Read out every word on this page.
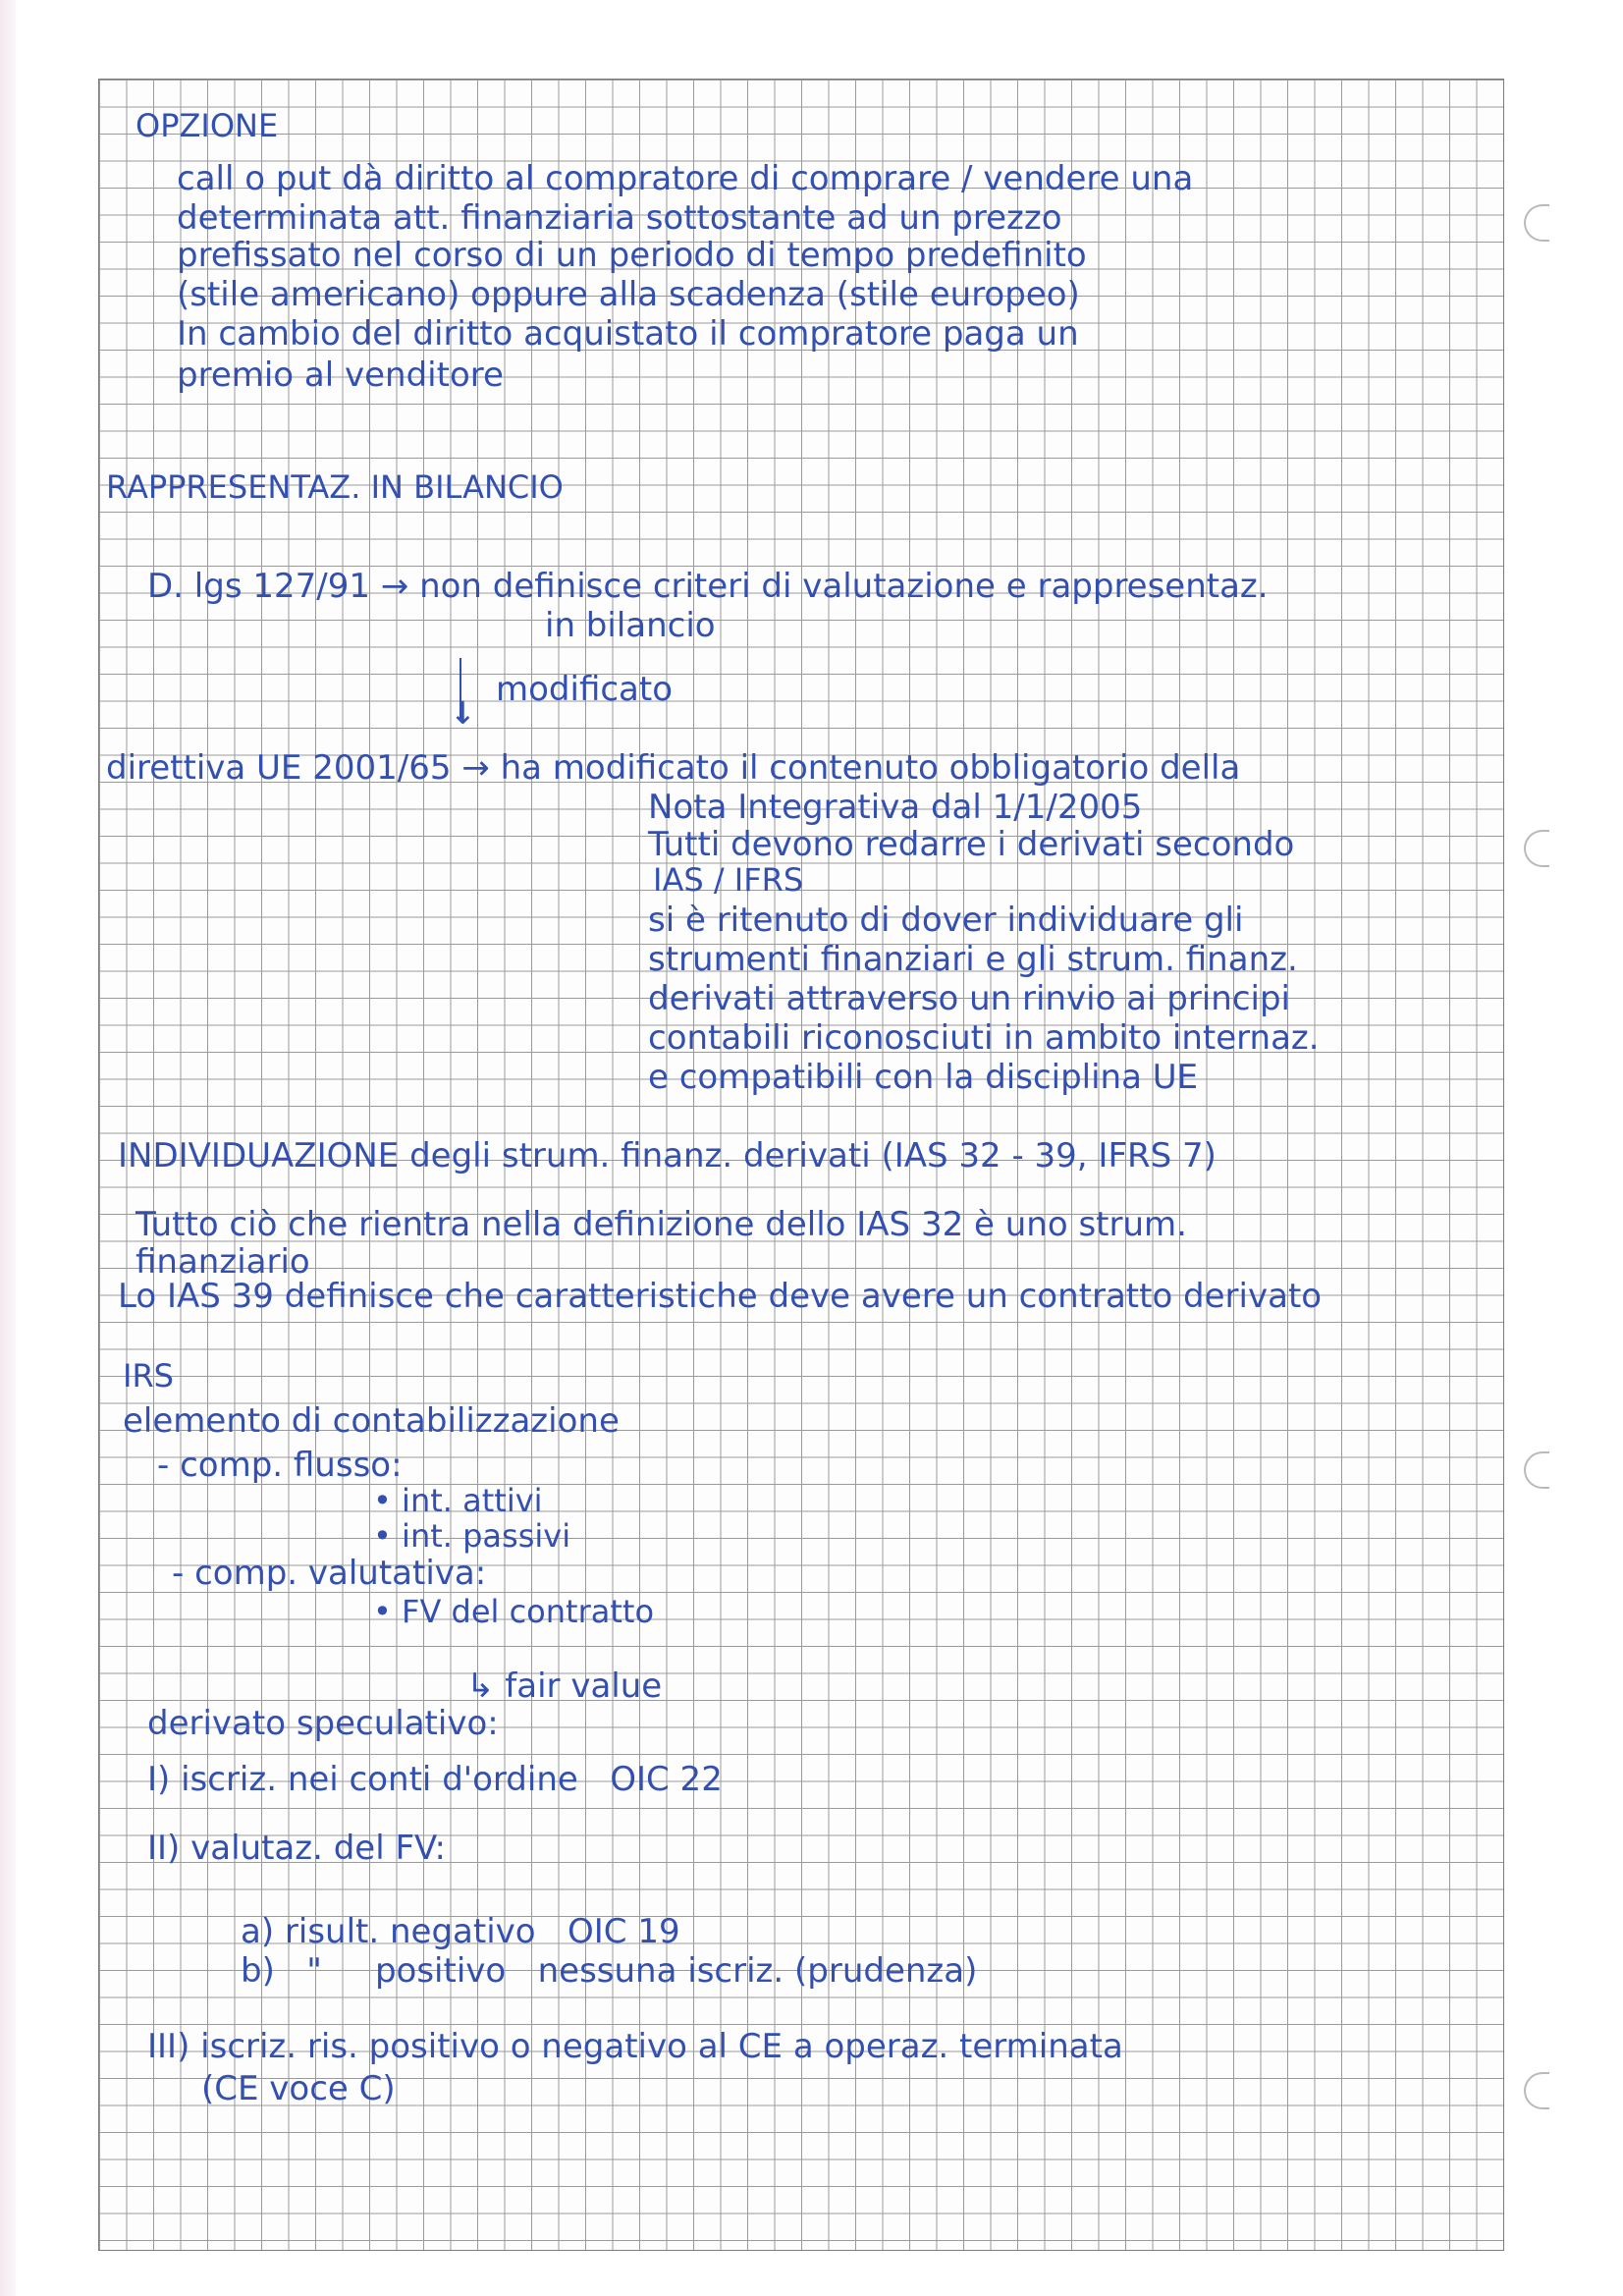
OPZIONE
call o put dà diritto al compratore di comprare / vendere una
determinata att. finanziaria sottostante ad un prezzo
prefissato nel corso di un periodo di tempo predefinito
(stile americano) oppure alla scadenza (stile europeo)
In cambio del diritto acquistato il compratore paga un
premio al venditore
RAPPRESENTAZ. IN BILANCIO
D. lgs 127/91 → non definisce criteri di valutazione e rappresentaz.
in bilancio
↓
modificato
direttiva UE 2001/65 → ha modificato il contenuto obbligatorio della
Nota Integrativa dal 1/1/2005
Tutti devono redarre i derivati secondo
IAS / IFRS
si è ritenuto di dover individuare gli
strumenti finanziari e gli strum. finanz.
derivati attraverso un rinvio ai principi
contabili riconosciuti in ambito internaz.
e compatibili con la disciplina UE
INDIVIDUAZIONE degli strum. finanz. derivati (IAS 32 - 39, IFRS 7)
Tutto ciò che rientra nella definizione dello IAS 32 è uno strum.
finanziario
Lo IAS 39 definisce che caratteristiche deve avere un contratto derivato
IRS
elemento di contabilizzazione
- comp. flusso:
• int. attivi
• int. passivi
- comp. valutativa:
• FV del contratto
↳ fair value
derivato speculativo:
I) iscriz. nei conti d'ordine   OIC 22
II) valutaz. del FV:
a) risult. negativo   OIC 19
b)   "     positivo   nessuna iscriz. (prudenza)
III) iscriz. ris. positivo o negativo al CE a operaz. terminata
(CE voce C)
